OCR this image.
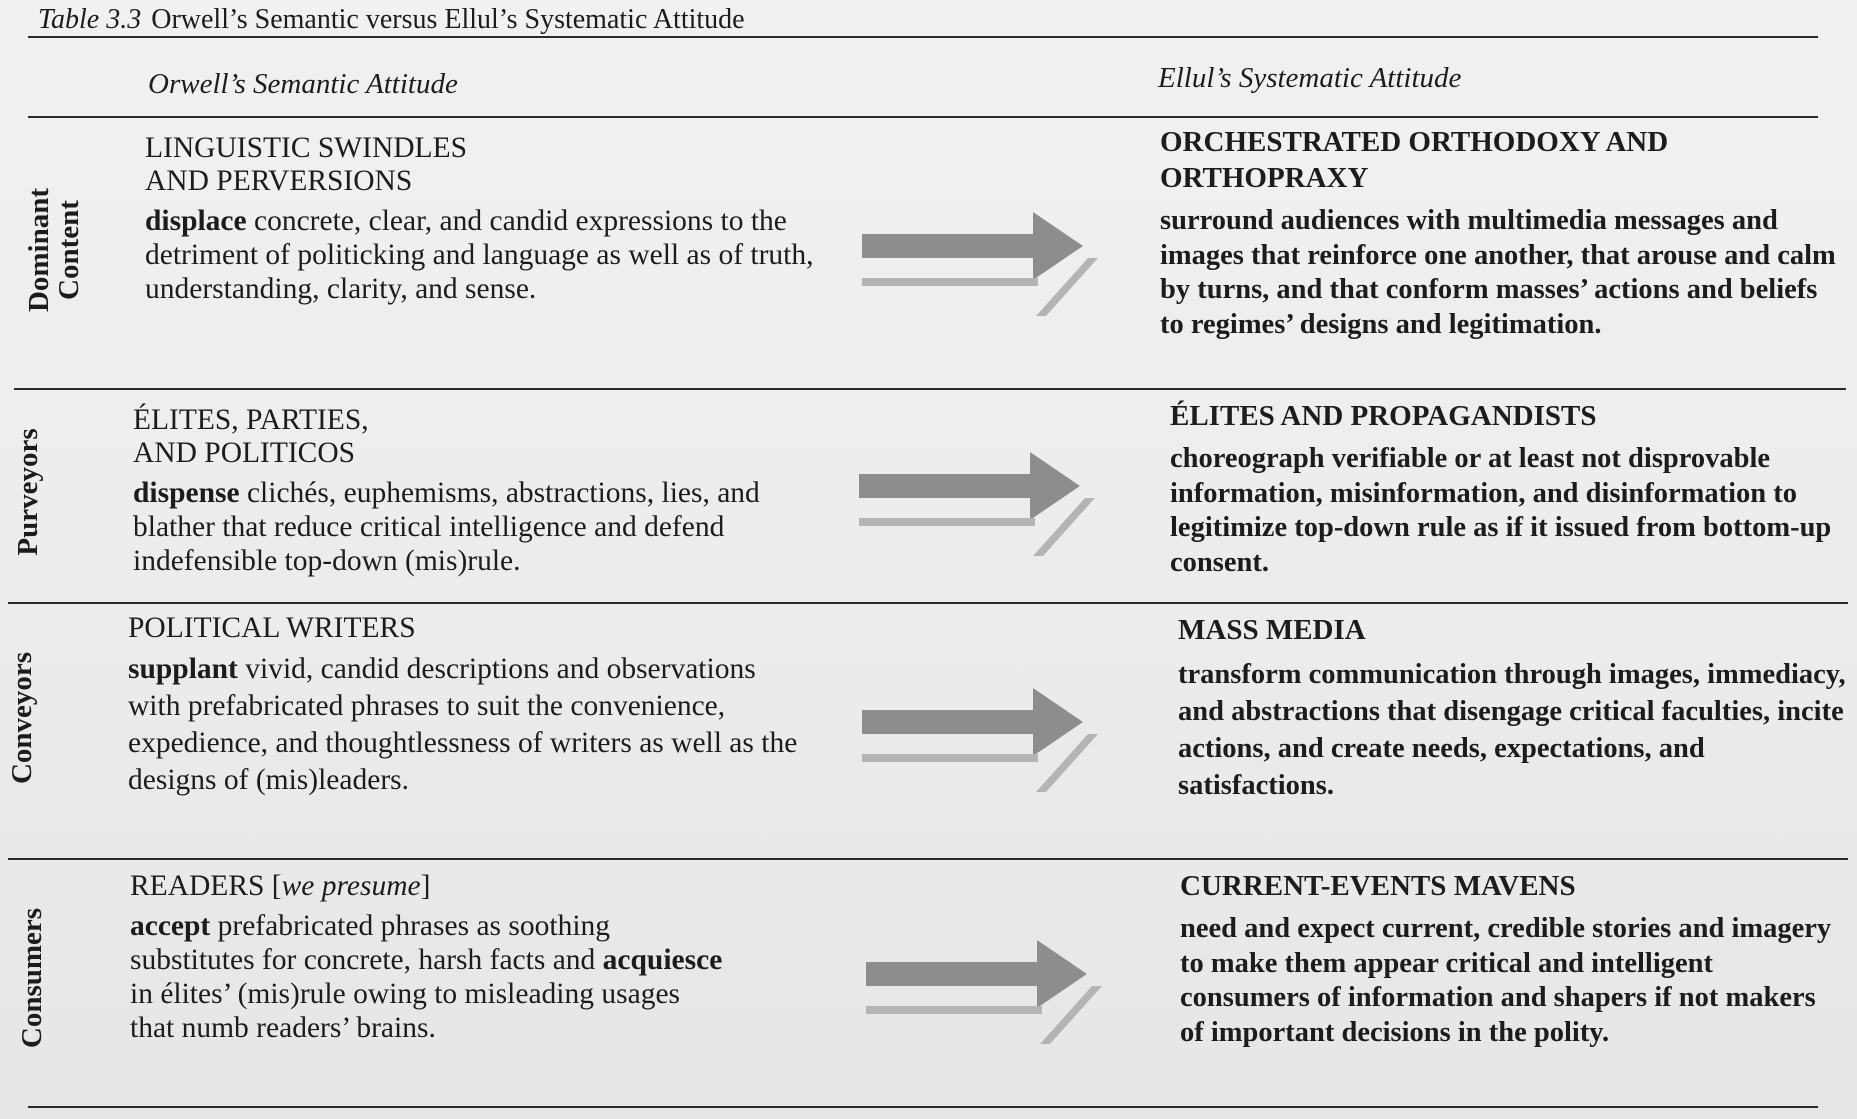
Table 3.3 Orwell’s Semantic versus Ellul’s Systematic Attitude
Orwell’s Semantic Attitude	Ellul’s Systematic Attitude
Dominant
Content
LINGUISTIC SWINDLES
AND PERVERSIONS
displace concrete, clear, and candid expressions to the detriment of politicking and language as well as of truth, understanding, clarity, and sense.
ORCHESTRATED ORTHODOXY AND ORTHOPRAXY
surround audiences with multimedia messages and images that reinforce one another, that arouse and calm by turns, and that conform masses’ actions and beliefs to regimes’ designs and legitimation.
Purveyors
ÉLITES, PARTIES,
AND POLITICOS
dispense clichés, euphemisms, abstractions, lies, and blather that reduce critical intelligence and defend indefensible top-down (mis)rule.
ÉLITES AND PROPAGANDISTS
choreograph verifiable or at least not disprovable information, misinformation, and disinformation to legitimize top-down rule as if it issued from bottom-up consent.
Conveyors
POLITICAL WRITERS
supplant vivid, candid descriptions and observations with prefabricated phrases to suit the convenience, expedience, and thoughtlessness of writers as well as the designs of (mis)leaders.
MASS MEDIA
transform communication through images, immediacy, and abstractions that disengage critical faculties, incite actions, and create needs, expectations, and satisfactions.
Consumers
READERS [we presume]
accept prefabricated phrases as soothing substitutes for concrete, harsh facts and acquiesce in élites’ (mis)rule owing to misleading usages that numb readers’ brains.
CURRENT-EVENTS MAVENS
need and expect current, credible stories and imagery to make them appear critical and intelligent consumers of information and shapers if not makers of important decisions in the polity.
